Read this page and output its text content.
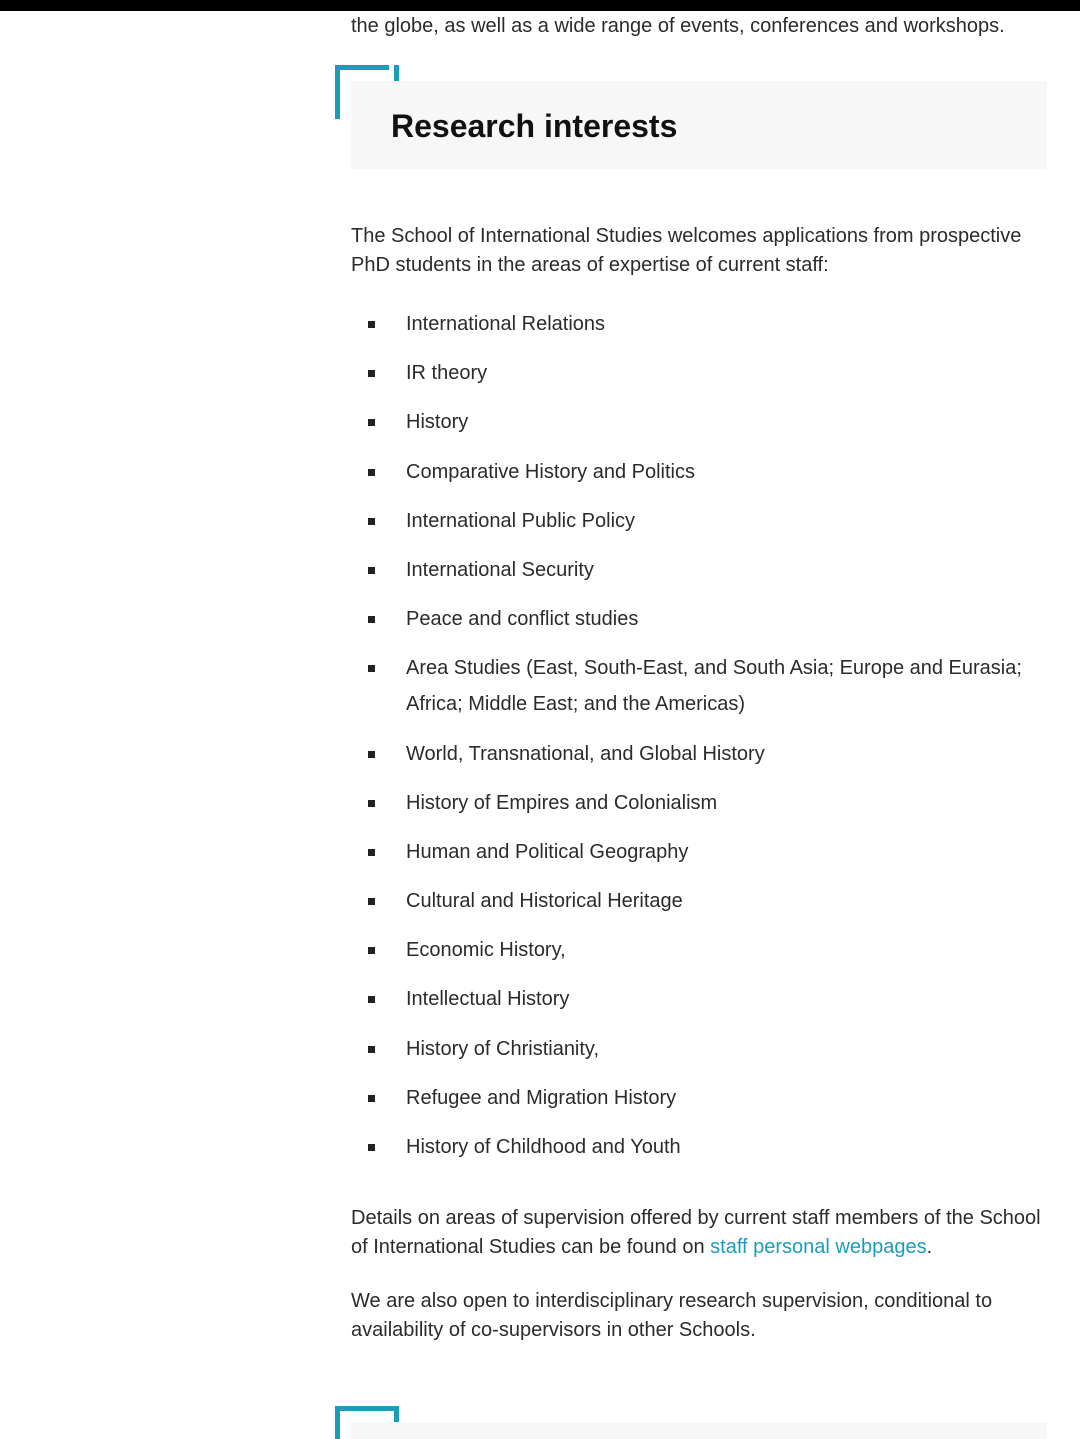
the globe, as well as a wide range of events, conferences and workshops.

Research interests

The School of International Studies welcomes applications from prospective PhD students in the areas of expertise of current staff:

International Relations
IR theory
History
Comparative History and Politics
International Public Policy
International Security
Peace and conflict studies
Area Studies (East, South-East, and South Asia; Europe and Eurasia; Africa; Middle East; and the Americas)
World, Transnational, and Global History
History of Empires and Colonialism
Human and Political Geography
Cultural and Historical Heritage
Economic History,
Intellectual History
History of Christianity,
Refugee and Migration History
History of Childhood and Youth

Details on areas of supervision offered by current staff members of the School of International Studies can be found on staff personal webpages.

We are also open to interdisciplinary research supervision, conditional to availability of co-supervisors in other Schools.
